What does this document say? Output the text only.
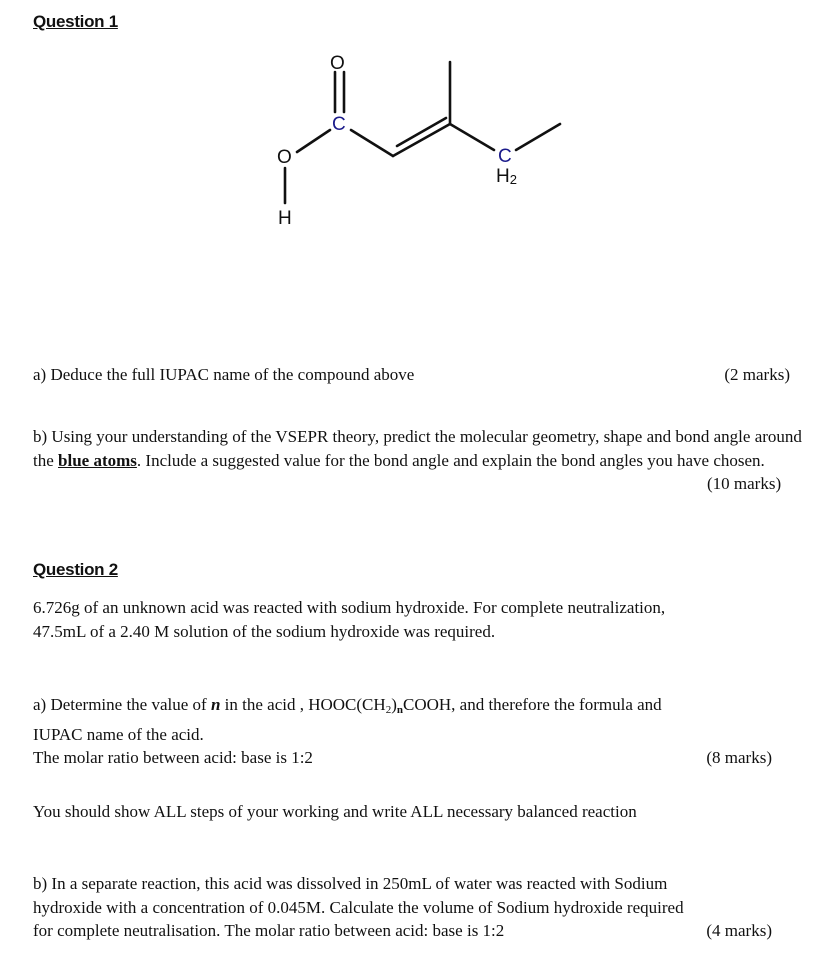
Question 1
O
C
O
H
C
H2
a) Deduce the full IUPAC name of the compound above	(2 marks)
b) Using your understanding of the VSEPR theory, predict the molecular geometry, shape and bond angle around the blue atoms. Include a suggested value for the bond angle and explain the bond angles you have chosen.
(10 marks)
Question 2
6.726g of an unknown acid was reacted with sodium hydroxide. For complete neutralization,
47.5mL of a 2.40 M solution of the sodium hydroxide was required.
a) Determine the value of n in the acid , $HOOC(CH_2)_nCOOH$, and therefore the formula and
IUPAC name of the acid.
The molar ratio between acid: base is 1:2	(8 marks)
You should show ALL steps of your working and write ALL necessary balanced reaction
b) In a separate reaction, this acid was dissolved in 250mL of water was reacted with Sodium
hydroxide with a concentration of 0.045M. Calculate the volume of Sodium hydroxide required
for complete neutralisation. The molar ratio between acid: base is 1:2	(4 marks)
